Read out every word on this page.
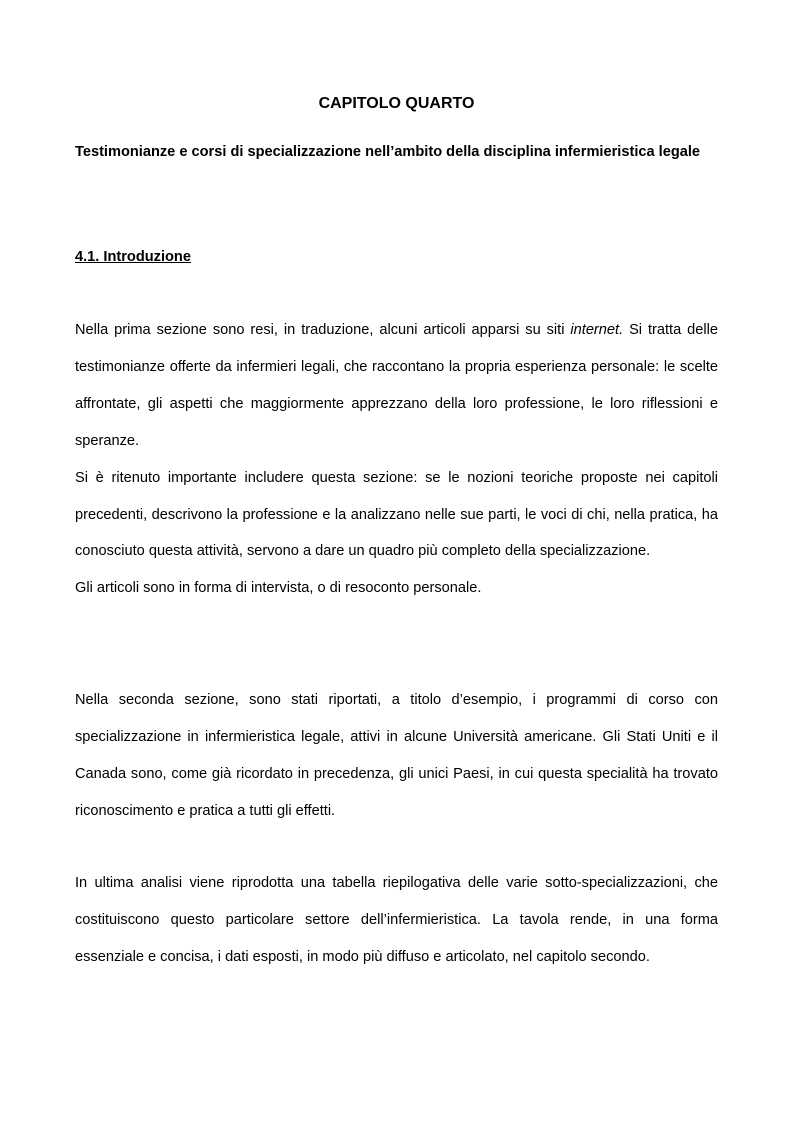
CAPITOLO QUARTO
Testimonianze e corsi di specializzazione nell’ambito della disciplina infermieristica legale
4.1. Introduzione

Nella prima sezione sono resi, in traduzione, alcuni articoli apparsi su siti internet. Si tratta delle testimonianze offerte da infermieri legali, che raccontano la propria esperienza personale: le scelte affrontate, gli aspetti che maggiormente apprezzano della loro professione, le loro riflessioni e speranze.

Si è ritenuto importante includere questa sezione: se le nozioni teoriche proposte nei capitoli precedenti, descrivono la professione e la analizzano nelle sue parti, le voci di chi, nella pratica, ha conosciuto questa attività, servono a dare un quadro più completo della specializzazione.

Gli articoli sono in forma di intervista, o di resoconto personale.

Nella seconda sezione, sono stati riportati, a titolo d’esempio, i programmi di corso con specializzazione in infermieristica legale, attivi in alcune Università americane. Gli Stati Uniti e il Canada sono, come già ricordato in precedenza, gli unici Paesi, in cui questa specialità ha trovato riconoscimento e pratica a tutti gli effetti.

In ultima analisi viene riprodotta una tabella riepilogativa delle varie sotto-specializzazioni, che costituiscono questo particolare settore dell’infermieristica. La tavola rende, in una forma essenziale e concisa, i dati esposti, in modo più diffuso e articolato, nel capitolo secondo.
